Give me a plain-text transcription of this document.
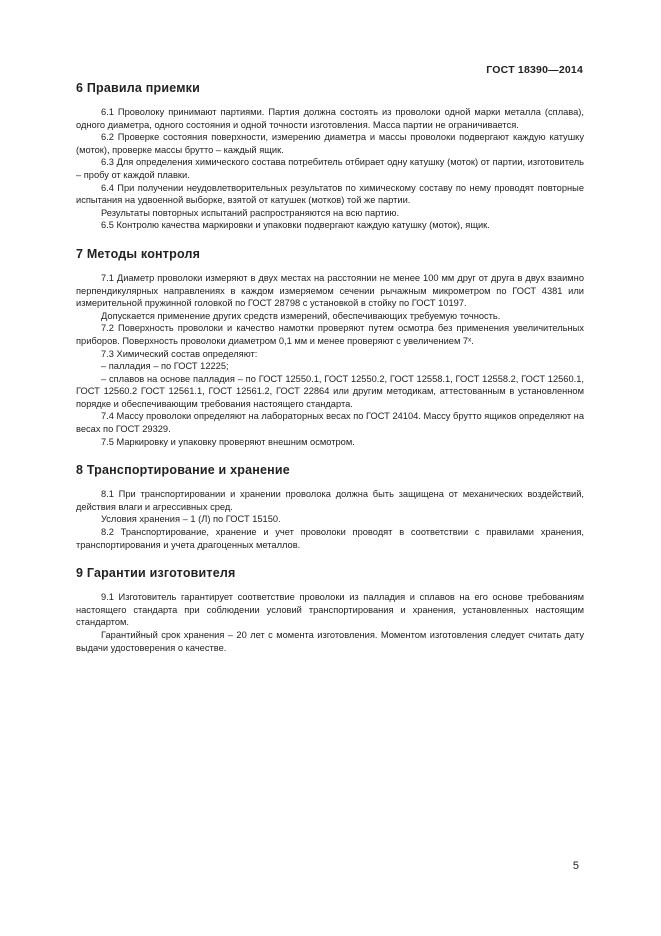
ГОСТ 18390—2014
6 Правила приемки

6.1 Проволоку принимают партиями. Партия должна состоять из проволоки одной марки металла (сплава), одного диаметра, одного состояния и одной точности изготовления. Масса партии не ограничивается.

6.2 Проверке состояния поверхности, измерению диаметра и массы проволоки подвергают каждую катушку (моток), проверке массы брутто – каждый ящик.

6.3 Для определения химического состава потребитель отбирает одну катушку (моток) от партии, изготовитель – пробу от каждой плавки.

6.4 При получении неудовлетворительных результатов по химическому составу по нему проводят повторные испытания на удвоенной выборке, взятой от катушек (мотков) той же партии.

Результаты повторных испытаний распространяются на всю партию.

6.5 Контролю качества маркировки и упаковки подвергают каждую катушку (моток), ящик.

7 Методы контроля

7.1 Диаметр проволоки измеряют в двух местах на расстоянии не менее 100 мм друг от друга в двух взаимно перпендикулярных направлениях в каждом измеряемом сечении рычажным микрометром по ГОСТ 4381 или измерительной пружинной головкой по ГОСТ 28798 с установкой в стойку по ГОСТ 10197.

Допускается применение других средств измерений, обеспечивающих требуемую точность.

7.2 Поверхность проволоки и качество намотки проверяют путем осмотра без применения увеличительных приборов. Поверхность проволоки диаметром 0,1 мм и менее проверяют с увеличением 7ˣ.

7.3 Химический состав определяют:

– палладия – по ГОСТ 12225;

– сплавов на основе палладия – по ГОСТ 12550.1, ГОСТ 12550.2, ГОСТ 12558.1, ГОСТ 12558.2, ГОСТ 12560.1, ГОСТ 12560.2 ГОСТ 12561.1, ГОСТ 12561.2, ГОСТ 22864 или другим методикам, аттестованным в установленном порядке и обеспечивающим требования настоящего стандарта.

7.4 Массу проволоки определяют на лабораторных весах по ГОСТ 24104. Массу брутто ящиков определяют на весах по ГОСТ 29329.

7.5 Маркировку и упаковку проверяют внешним осмотром.

8 Транспортирование и хранение

8.1 При транспортировании и хранении проволока должна быть защищена от механических воздействий, действия влаги и агрессивных сред.

Условия хранения – 1 (Л) по ГОСТ 15150.

8.2 Транспортирование, хранение и учет проволоки проводят в соответствии с правилами хранения, транспортирования и учета драгоценных металлов.

9 Гарантии изготовителя

9.1 Изготовитель гарантирует соответствие проволоки из палладия и сплавов на его основе требованиям настоящего стандарта при соблюдении условий транспортирования и хранения, установленных настоящим стандартом.

Гарантийный срок хранения – 20 лет с момента изготовления. Моментом изготовления следует считать дату выдачи удостоверения о качестве.

5
